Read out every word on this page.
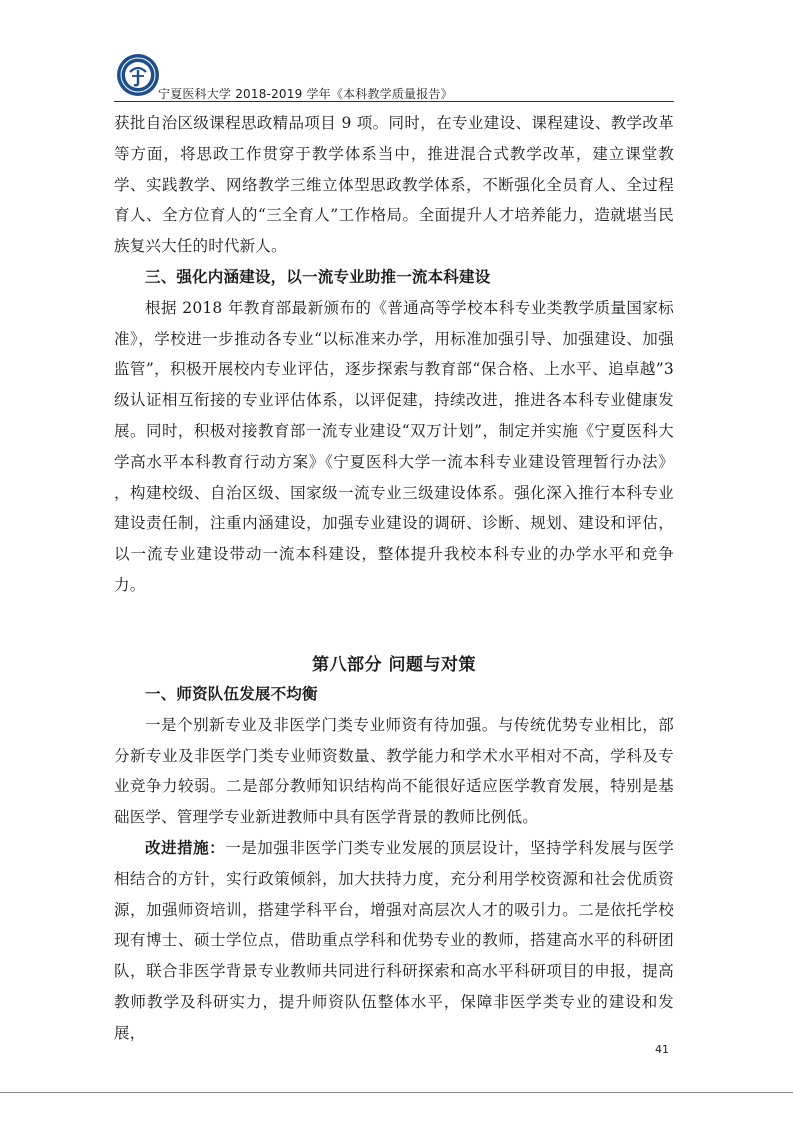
宁夏医科大学 2018-2019 学年《本科教学质量报告》

获批自治区级课程思政精品项目 9 项。同时，在专业建设、课程建设、教学改革等方面，将思政工作贯穿于教学体系当中，推进混合式教学改革，建立课堂教学、实践教学、网络教学三维立体型思政教学体系，不断强化全员育人、全过程育人、全方位育人的“三全育人”工作格局。全面提升人才培养能力，造就堪当民族复兴大任的时代新人。

三、强化内涵建设，以一流专业助推一流本科建设

根据 2018 年教育部最新颁布的《普通高等学校本科专业类教学质量国家标准》，学校进一步推动各专业“以标准来办学，用标准加强引导、加强建设、加强监管”，积极开展校内专业评估，逐步探索与教育部“保合格、上水平、追卓越”3级认证相互衔接的专业评估体系，以评促建，持续改进，推进各本科专业健康发展。同时，积极对接教育部一流专业建设“双万计划”，制定并实施《宁夏医科大学高水平本科教育行动方案》《宁夏医科大学一流本科专业建设管理暂行办法》 ，构建校级、自治区级、国家级一流专业三级建设体系。强化深入推行本科专业建设责任制，注重内涵建设，加强专业建设的调研、诊断、规划、建设和评估，以一流专业建设带动一流本科建设，整体提升我校本科专业的办学水平和竞争力。

第八部分 问题与对策

一、师资队伍发展不均衡

一是个别新专业及非医学门类专业师资有待加强。与传统优势专业相比，部分新专业及非医学门类专业师资数量、教学能力和学术水平相对不高，学科及专业竞争力较弱。二是部分教师知识结构尚不能很好适应医学教育发展，特别是基础医学、管理学专业新进教师中具有医学背景的教师比例低。

改进措施：一是加强非医学门类专业发展的顶层设计，坚持学科发展与医学相结合的方针，实行政策倾斜，加大扶持力度，充分利用学校资源和社会优质资源，加强师资培训，搭建学科平台，增强对高层次人才的吸引力。二是依托学校现有博士、硕士学位点，借助重点学科和优势专业的教师，搭建高水平的科研团队，联合非医学背景专业教师共同进行科研探索和高水平科研项目的申报，提高教师教学及科研实力，提升师资队伍整体水平，保障非医学类专业的建设和发展，

41
